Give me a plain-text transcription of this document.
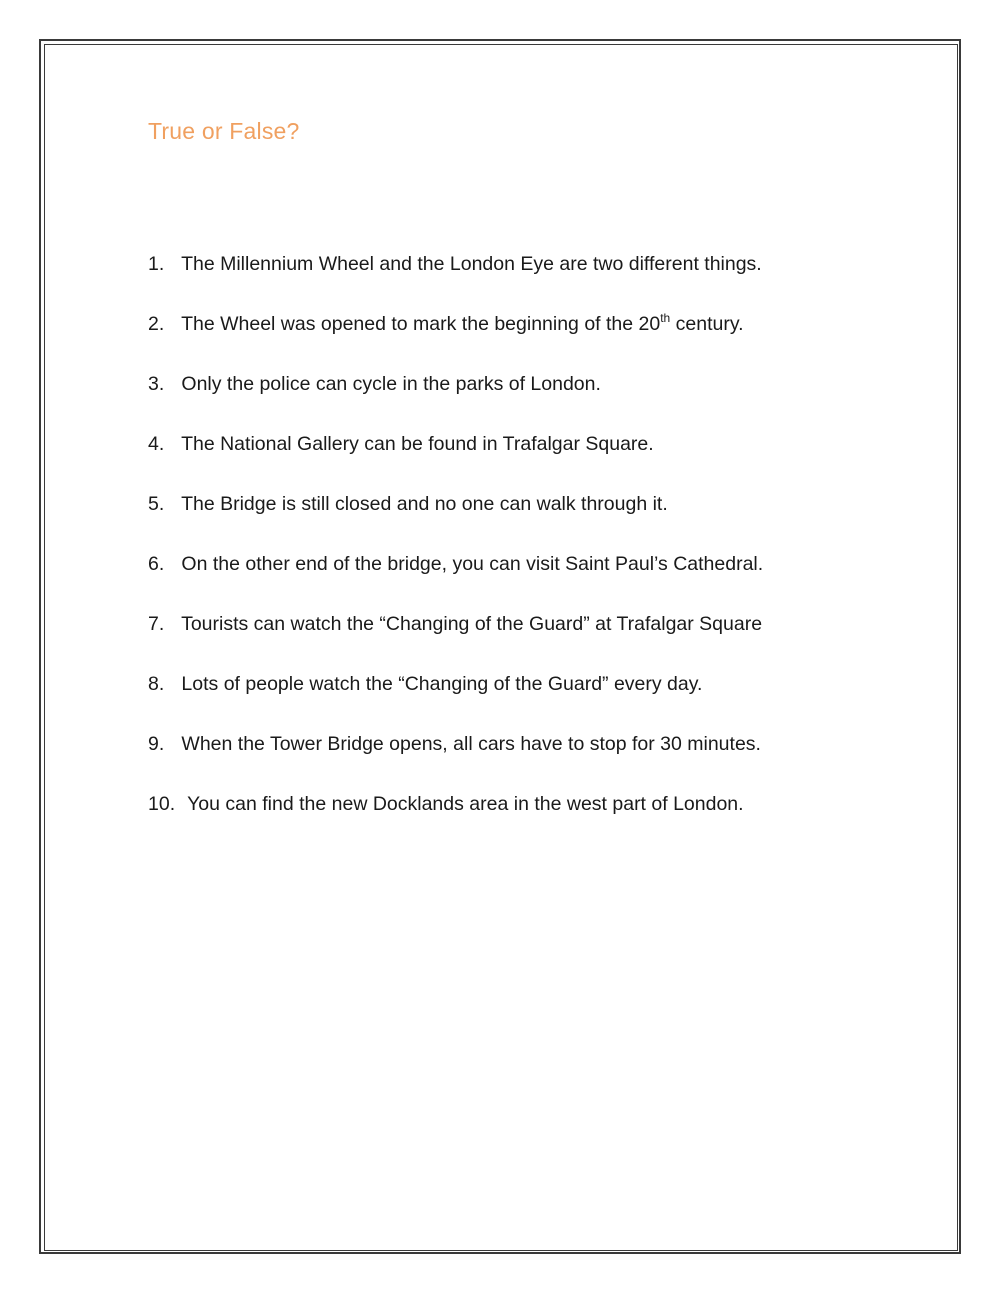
True or False?
1. The Millennium Wheel and the London Eye are two different things.
2. The Wheel was opened to mark the beginning of the 20th century.
3. Only the police can cycle in the parks of London.
4. The National Gallery can be found in Trafalgar Square.
5. The Bridge is still closed and no one can walk through it.
6. On the other end of the bridge, you can visit Saint Paul’s Cathedral.
7. Tourists can watch the “Changing of the Guard” at Trafalgar Square
8. Lots of people watch the “Changing of the Guard” every day.
9. When the Tower Bridge opens, all cars have to stop for 30 minutes.
10. You can find the new Docklands area in the west part of London.
